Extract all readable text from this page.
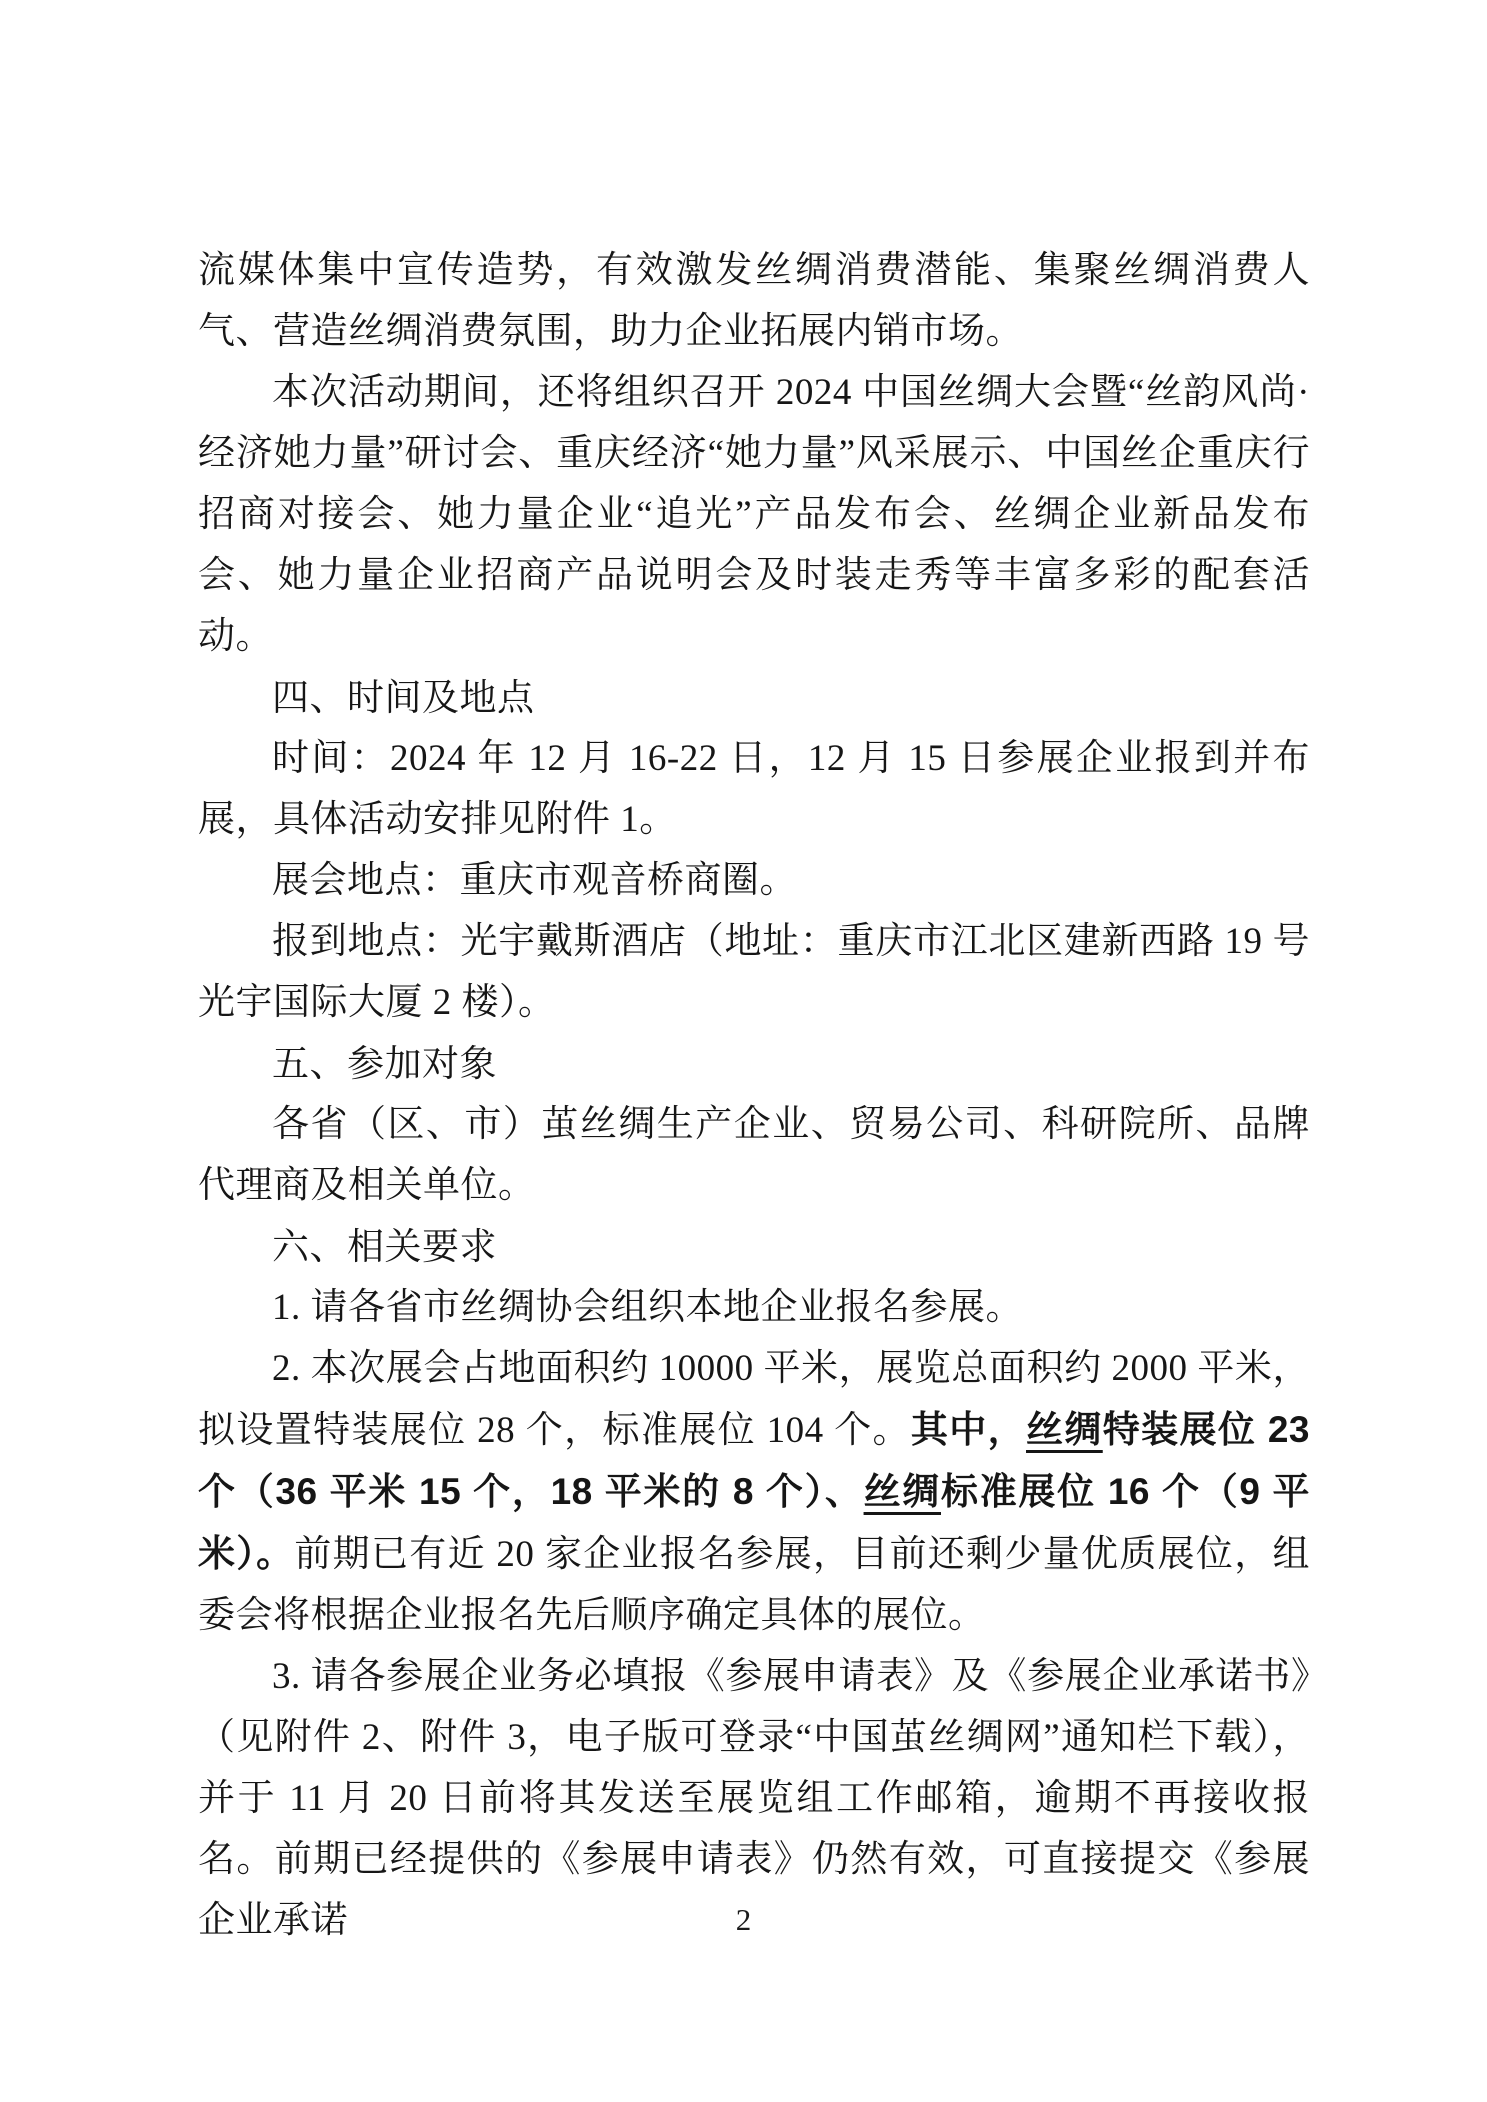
流媒体集中宣传造势，有效激发丝绸消费潜能、集聚丝绸消费人气、营造丝绸消费氛围，助力企业拓展内销市场。

本次活动期间，还将组织召开 2024 中国丝绸大会暨“丝韵风尚·经济她力量”研讨会、重庆经济“她力量”风采展示、中国丝企重庆行招商对接会、她力量企业“追光”产品发布会、丝绸企业新品发布会、她力量企业招商产品说明会及时装走秀等丰富多彩的配套活动。

四、时间及地点

时间：2024 年 12 月 16-22 日，12 月 15 日参展企业报到并布展，具体活动安排见附件 1。

展会地点：重庆市观音桥商圈。

报到地点：光宇戴斯酒店（地址：重庆市江北区建新西路 19 号光宇国际大厦 2 楼）。

五、参加对象

各省（区、市）茧丝绸生产企业、贸易公司、科研院所、品牌代理商及相关单位。

六、相关要求

1. 请各省市丝绸协会组织本地企业报名参展。

2. 本次展会占地面积约 10000 平米，展览总面积约 2000 平米，拟设置特装展位 28 个，标准展位 104 个。其中，丝绸特装展位 23 个（36 平米 15 个，18 平米的 8 个）、丝绸标准展位 16 个（9 平米）。前期已有近 20 家企业报名参展，目前还剩少量优质展位，组委会将根据企业报名先后顺序确定具体的展位。

3. 请各参展企业务必填报《参展申请表》及《参展企业承诺书》（见附件 2、附件 3，电子版可登录“中国茧丝绸网”通知栏下载），并于 11 月 20 日前将其发送至展览组工作邮箱，逾期不再接收报名。前期已经提供的《参展申请表》仍然有效，可直接提交《参展企业承诺	2
